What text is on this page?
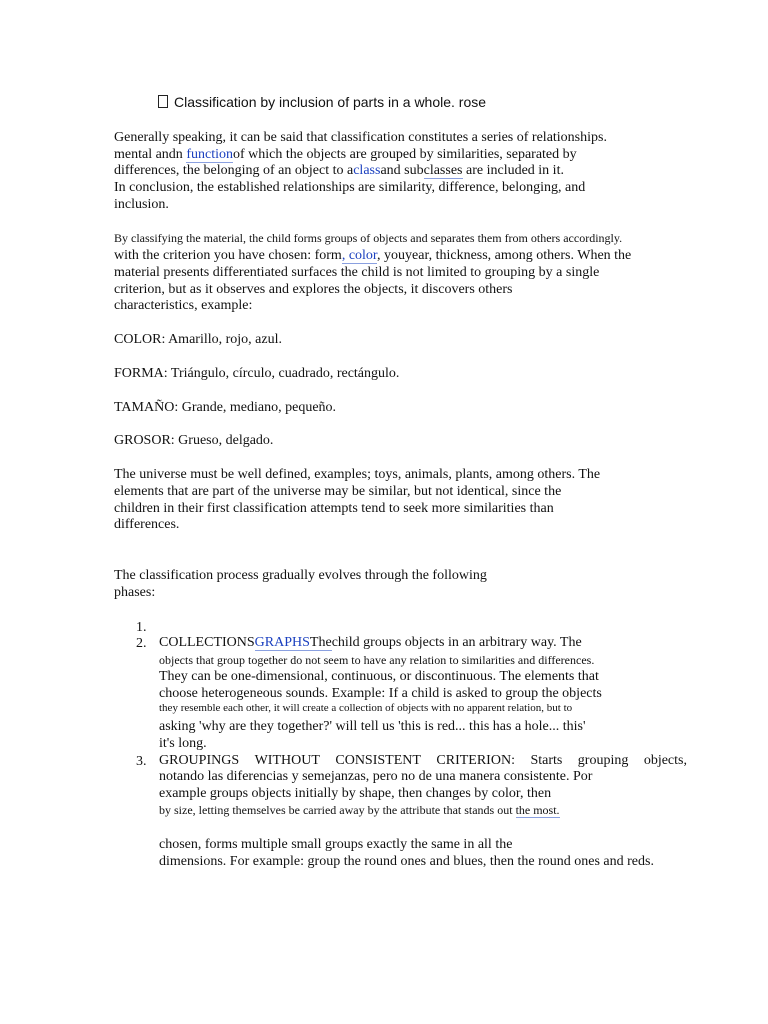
Classification by inclusion of parts in a whole. rose
Generally speaking, it can be said that classification constitutes a series of relationships.
mental andn functionof which the objects are grouped by similarities, separated by
differences, the belonging of an object to aclassand subclasses are included in it.
In conclusion, the established relationships are similarity, difference, belonging, and
inclusion.
By classifying the material, the child forms groups of objects and separates them from others accordingly.
with the criterion you have chosen: form, color, youyear, thickness, among others. When the
material presents differentiated surfaces the child is not limited to grouping by a single
criterion, but as it observes and explores the objects, it discovers others
characteristics, example:
COLOR: Amarillo, rojo, azul.
FORMA: Triángulo, círculo, cuadrado, rectángulo.
TAMAÑO: Grande, mediano, pequeño.
GROSOR: Grueso, delgado.
The universe must be well defined, examples; toys, animals, plants, among others. The
elements that are part of the universe may be similar, but not identical, since the
children in their first classification attempts tend to seek more similarities than
differences.
The classification process gradually evolves through the following
phases:
1.
2. COLLECTIONSGRAPHSThechild groups objects in an arbitrary way. The
objects that group together do not seem to have any relation to similarities and differences.
They can be one-dimensional, continuous, or discontinuous. The elements that
choose heterogeneous sounds. Example: If a child is asked to group the objects
they resemble each other, it will create a collection of objects with no apparent relation, but to
asking 'why are they together?' will tell us 'this is red... this has a hole... this'
it's long.
3. GROUPINGS WITHOUT CONSISTENT CRITERION: Starts grouping objects,
notando las diferencias y semejanzas, pero no de una manera consistente. Por
example groups objects initially by shape, then changes by color, then
by size, letting themselves be carried away by the attribute that stands out the most.
chosen, forms multiple small groups exactly the same in all the
dimensions. For example: group the round ones and blues, then the round ones and reds.
